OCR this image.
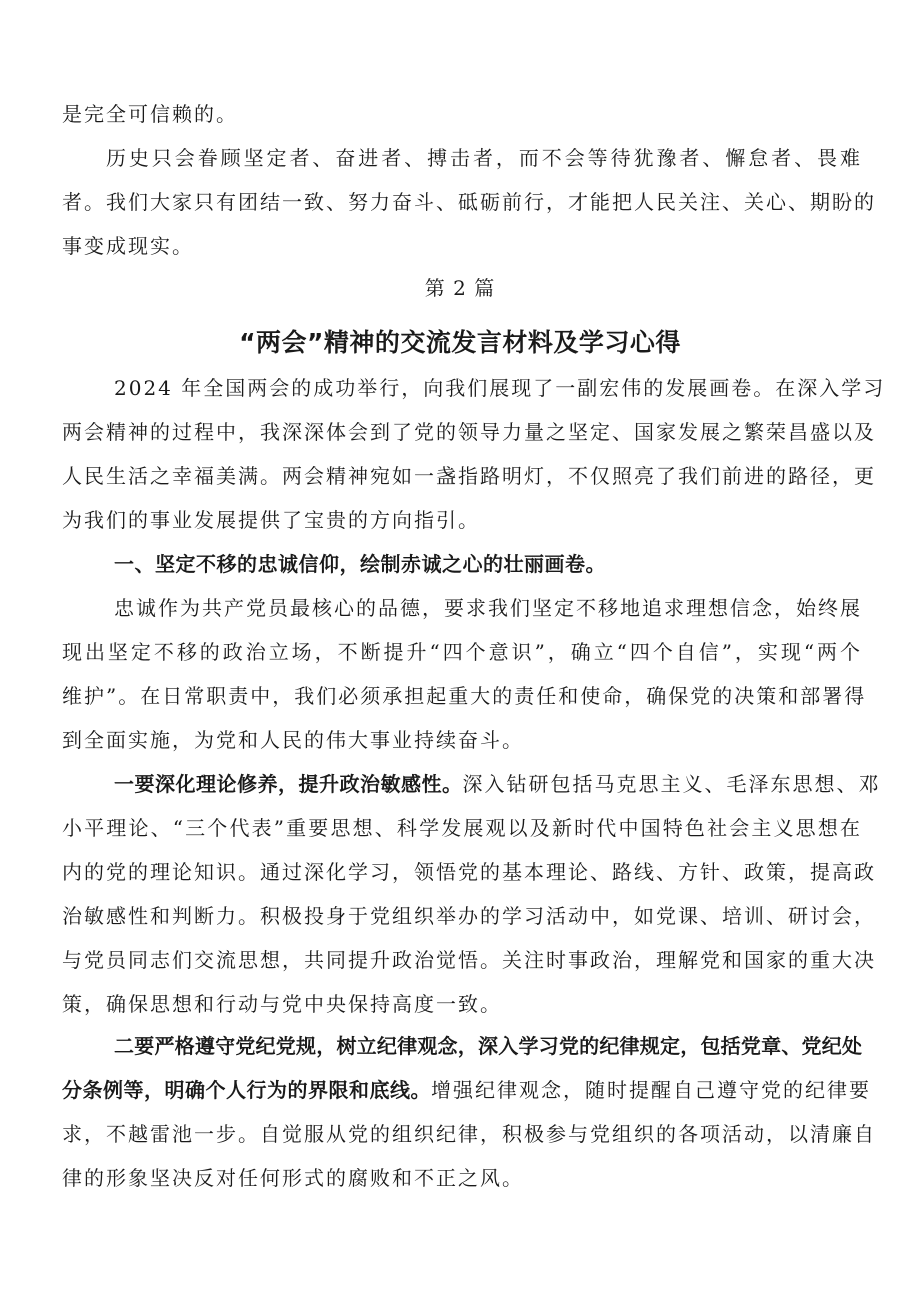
是完全可信赖的。
历史只会眷顾坚定者、奋进者、搏击者，而不会等待犹豫者、懈怠者、畏难
者。我们大家只有团结一致、努力奋斗、砥砺前行，才能把人民关注、关心、期盼的
事变成现实。
第 2 篇
“两会”精神的交流发言材料及学习心得
2024 年全国两会的成功举行，向我们展现了一副宏伟的发展画卷。在深入学习
两会精神的过程中，我深深体会到了党的领导力量之坚定、国家发展之繁荣昌盛以及
人民生活之幸福美满。两会精神宛如一盏指路明灯，不仅照亮了我们前进的路径，更
为我们的事业发展提供了宝贵的方向指引。
一、坚定不移的忠诚信仰，绘制赤诚之心的壮丽画卷。
忠诚作为共产党员最核心的品德，要求我们坚定不移地追求理想信念，始终展
现出坚定不移的政治立场，不断提升“四个意识”，确立“四个自信”，实现“两个
维护”。在日常职责中，我们必须承担起重大的责任和使命，确保党的决策和部署得
到全面实施，为党和人民的伟大事业持续奋斗。
一要深化理论修养，提升政治敏感性。 深入钻研包括马克思主义、毛泽东思想、邓
小平理论、“三个代表”重要思想、科学发展观以及新时代中国特色社会主义思想在
内的党的理论知识。通过深化学习，领悟党的基本理论、路线、方针、政策，提高政
治敏感性和判断力。积极投身于党组织举办的学习活动中，如党课、培训、研讨会，
与党员同志们交流思想，共同提升政治觉悟。关注时事政治，理解党和国家的重大决
策，确保思想和行动与党中央保持高度一致。
二要严格遵守党纪党规，树立纪律观念，深入学习党的纪律规定，包括党章、党纪处
分条例等，明确个人行为的界限和底线。 增强纪律观念，随时提醒自己遵守党的纪律要
求，不越雷池一步。自觉服从党的组织纪律，积极参与党组织的各项活动，以清廉自
律的形象坚决反对任何形式的腐败和不正之风。
